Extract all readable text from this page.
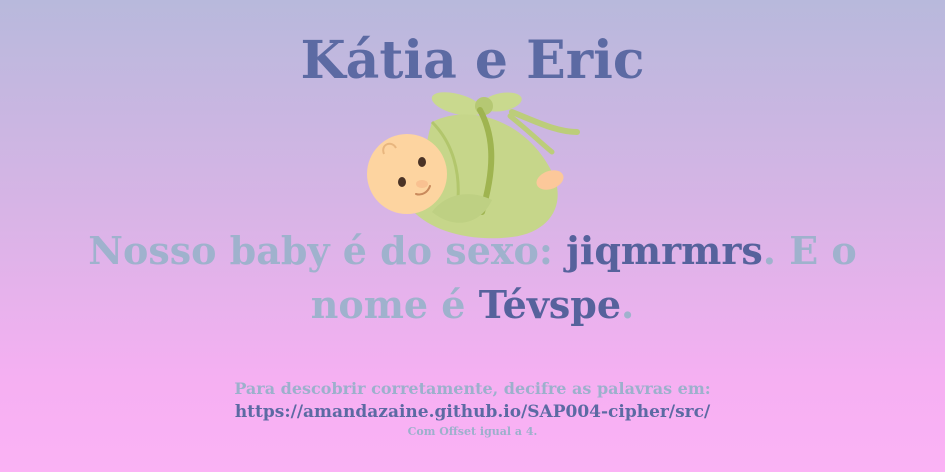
Kátia e Eric

Nosso baby é do sexo: jiqmrmrs. E o nome é Tévspe.

Para descobrir corretamente, decifre as palavras em:
https://amandazaine.github.io/SAP004-cipher/src/
Com Offset igual a 4.
